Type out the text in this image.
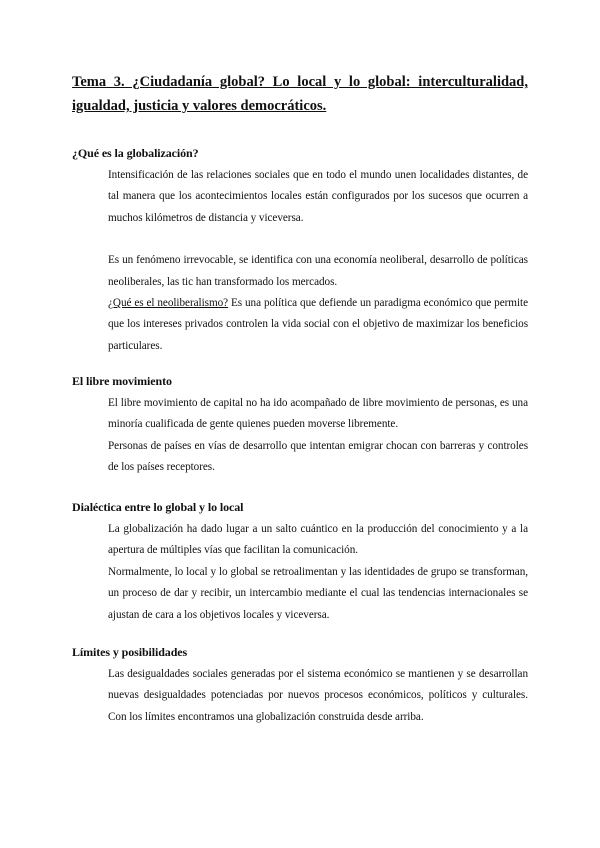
Tema 3. ¿Ciudadanía global? Lo local y lo global: interculturalidad, igualdad, justicia y valores democráticos.

¿Qué es la globalización?

Intensificación de las relaciones sociales que en todo el mundo unen localidades distantes, de tal manera que los acontecimientos locales están configurados por los sucesos que ocurren a muchos kilómetros de distancia y viceversa.

Es un fenómeno irrevocable, se identifica con una economía neoliberal, desarrollo de políticas neoliberales, las tic han transformado los mercados.

¿Qué es el neoliberalismo? Es una política que defiende un paradigma económico que permite que los intereses privados controlen la vida social con el objetivo de maximizar los beneficios particulares.

El libre movimiento

El libre movimiento de capital no ha ido acompañado de libre movimiento de personas, es una minoría cualificada de gente quienes pueden moverse libremente.

Personas de países en vías de desarrollo que intentan emigrar chocan con barreras y controles de los países receptores.

Dialéctica entre lo global y lo local

La globalización ha dado lugar a un salto cuántico en la producción del conocimiento y a la apertura de múltiples vías que facilitan la comunicación.

Normalmente, lo local y lo global se retroalimentan y las identidades de grupo se transforman, un proceso de dar y recibir, un intercambio mediante el cual las tendencias internacionales se ajustan de cara a los objetivos locales y viceversa.

Límites y posibilidades

Las desigualdades sociales generadas por el sistema económico se mantienen y se desarrollan nuevas desigualdades potenciadas por nuevos procesos económicos, políticos y culturales. Con los límites encontramos una globalización construida desde arriba.
